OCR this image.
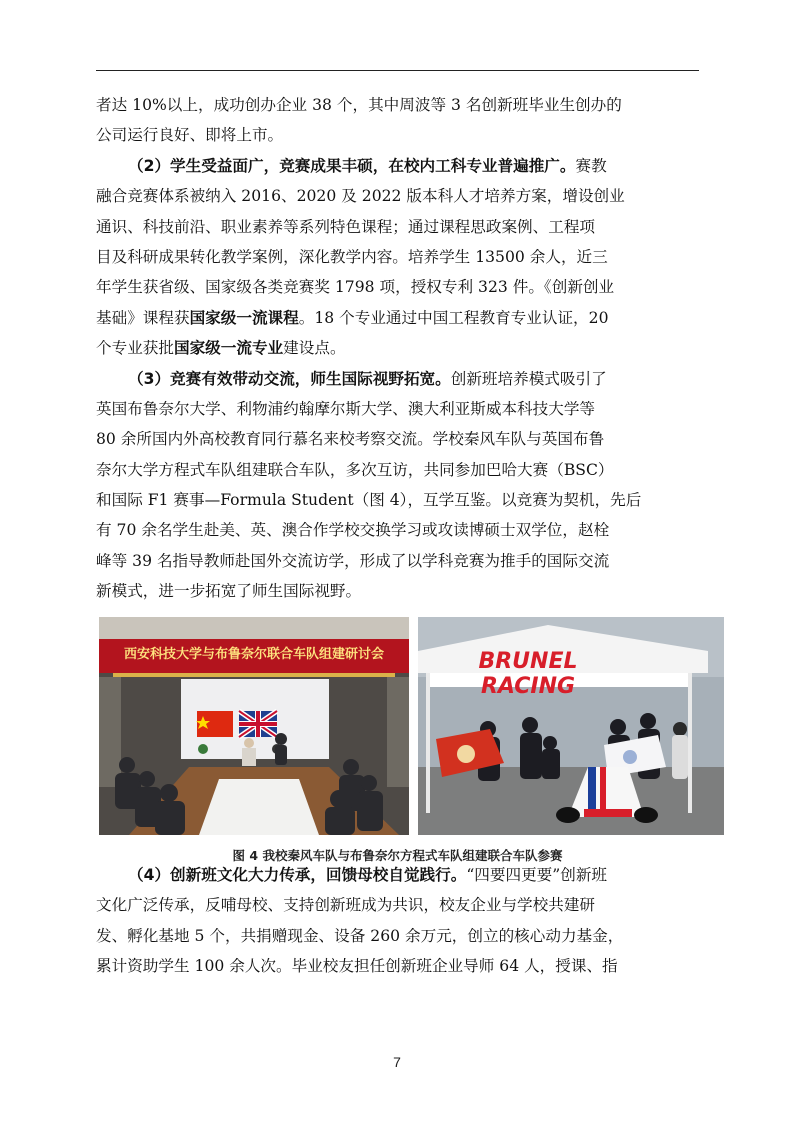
者达 10%以上，成功创办企业 38 个，其中周波等 3 名创新班毕业生创办的
公司运行良好、即将上市。
（2）学生受益面广，竞赛成果丰硕，在校内工科专业普遍推广。赛教
融合竞赛体系被纳入 2016、2020 及 2022 版本科人才培养方案，增设创业
通识、科技前沿、职业素养等系列特色课程；通过课程思政案例、工程项
目及科研成果转化教学案例，深化教学内容。培养学生 13500 余人，近三
年学生获省级、国家级各类竞赛奖 1798 项，授权专利 323 件。《创新创业
基础》课程获国家级一流课程。18 个专业通过中国工程教育专业认证，20
个专业获批国家级一流专业建设点。
（3）竞赛有效带动交流，师生国际视野拓宽。创新班培养模式吸引了
英国布鲁奈尔大学、利物浦约翰摩尔斯大学、澳大利亚斯威本科技大学等
80 余所国内外高校教育同行慕名来校考察交流。学校秦风车队与英国布鲁
奈尔大学方程式车队组建联合车队，多次互访，共同参加巴哈大赛（BSC）
和国际 F1 赛事—Formula Student（图 4），互学互鉴。以竞赛为契机，先后
有 70 余名学生赴美、英、澳合作学校交换学习或攻读博硕士双学位，赵栓
峰等 39 名指导教师赴国外交流访学，形成了以学科竞赛为推手的国际交流
新模式，进一步拓宽了师生国际视野。
西安科技大学与布鲁奈尔联合车队组建研讨会	BRUNEL RACING
图 4 我校秦风车队与布鲁奈尔方程式车队组建联合车队参赛
（4）创新班文化大力传承，回馈母校自觉践行。“四要四更要”创新班
文化广泛传承，反哺母校、支持创新班成为共识，校友企业与学校共建研
发、孵化基地 5 个，共捐赠现金、设备 260 余万元，创立的核心动力基金，
累计资助学生 100 余人次。毕业校友担任创新班企业导师 64 人，授课、指
7
